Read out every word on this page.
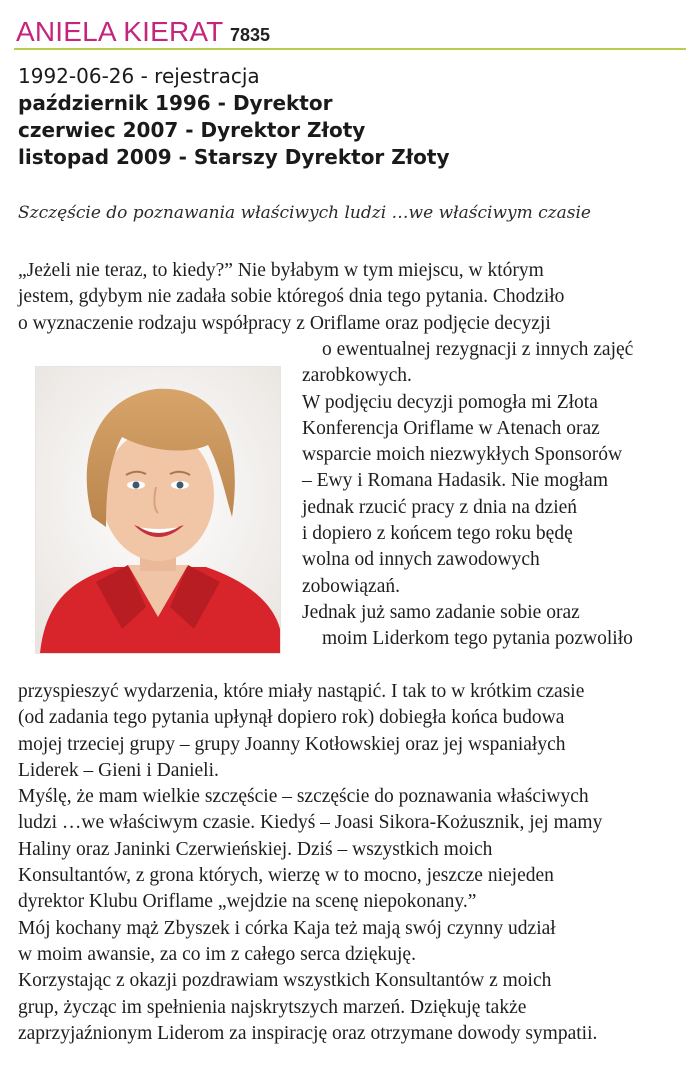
ANIELA KIERAT 7835
1992-06-26 - rejestracja
październik 1996 - Dyrektor
czerwiec 2007 - Dyrektor Złoty
listopad 2009 - Starszy Dyrektor Złoty
Szczęście do poznawania właściwych ludzi …we właściwym czasie
„Jeżeli nie teraz, to kiedy?” Nie byłabym w tym miejscu, w którym
jestem, gdybym nie zadała sobie któregoś dnia tego pytania. Chodziło
o wyznaczenie rodzaju współpracy z Oriflame oraz podjęcie decyzji
o ewentualnej rezygnacji z innych zajęć
zarobkowych.
W podjęciu decyzji pomogła mi Złota
Konferencja Oriflame w Atenach oraz
wsparcie moich niezwykłych Sponsorów
– Ewy i Romana Hadasik. Nie mogłam
jednak rzucić pracy z dnia na dzień
i dopiero z końcem tego roku będę
wolna od innych zawodowych
zobowiązań.
Jednak już samo zadanie sobie oraz
moim Liderkom tego pytania pozwoliło
przyspieszyć wydarzenia, które miały nastąpić. I tak to w krótkim czasie
(od zadania tego pytania upłynął dopiero rok) dobiegła końca budowa
mojej trzeciej grupy – grupy Joanny Kotłowskiej oraz jej wspaniałych
Liderek – Gieni i Danieli.
Myślę, że mam wielkie szczęście – szczęście do poznawania właściwych
ludzi …we właściwym czasie. Kiedyś – Joasi Sikora-Kożusznik, jej mamy
Haliny oraz Janinki Czerwieńskiej. Dziś – wszystkich moich
Konsultantów, z grona których, wierzę w to mocno, jeszcze niejeden
dyrektor Klubu Oriflame „wejdzie na scenę niepokonany.”
Mój kochany mąż Zbyszek i córka Kaja też mają swój czynny udział
w moim awansie, za co im z całego serca dziękuję.
Korzystając z okazji pozdrawiam wszystkich Konsultantów z moich
grup, życząc im spełnienia najskrytszych marzeń. Dziękuję także
zaprzyjaźnionym Liderom za inspirację oraz otrzymane dowody sympatii.
